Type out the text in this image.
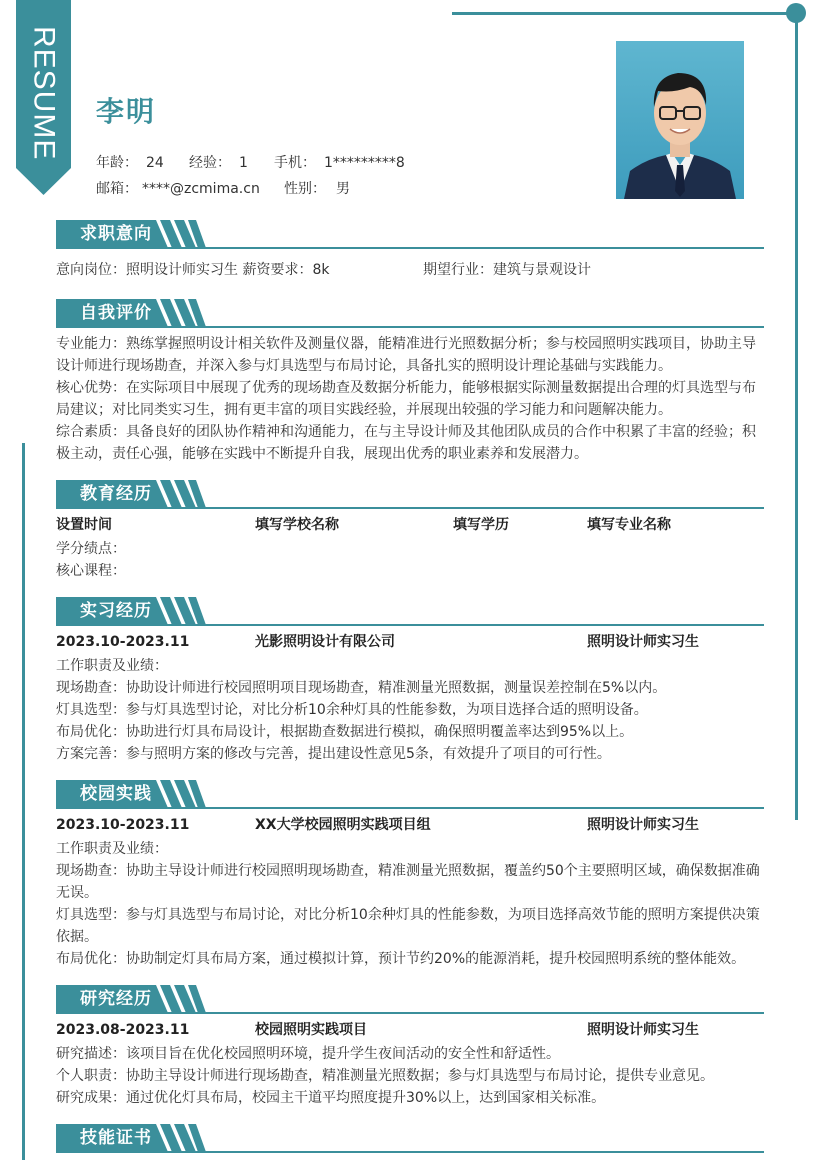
RESUME	李明
年龄： 24 经验： 1 手机： 1*********8
邮箱： ****@zcmima.cn 性别： 男
求职意向
意向岗位：照明设计师实习生 薪资要求：8k	期望行业：建筑与景观设计
自我评价
专业能力：熟练掌握照明设计相关软件及测量仪器，能精准进行光照数据分析；参与校园照明实践项目，协助主导
设计师进行现场勘查，并深入参与灯具选型与布局讨论，具备扎实的照明设计理论基础与实践能力。
核心优势：在实际项目中展现了优秀的现场勘查及数据分析能力，能够根据实际测量数据提出合理的灯具选型与布
局建议；对比同类实习生，拥有更丰富的项目实践经验，并展现出较强的学习能力和问题解决能力。
综合素质：具备良好的团队协作精神和沟通能力，在与主导设计师及其他团队成员的合作中积累了丰富的经验；积
极主动，责任心强，能够在实践中不断提升自我，展现出优秀的职业素养和发展潜力。
教育经历
设置时间	填写学校名称	填写学历	填写专业名称
学分绩点：
核心课程：
实习经历
2023.10-2023.11	光影照明设计有限公司	照明设计师实习生
工作职责及业绩：
现场勘查：协助设计师进行校园照明项目现场勘查，精准测量光照数据，测量误差控制在5%以内。
灯具选型：参与灯具选型讨论，对比分析10余种灯具的性能参数，为项目选择合适的照明设备。
布局优化：协助进行灯具布局设计，根据勘查数据进行模拟，确保照明覆盖率达到95%以上。
方案完善：参与照明方案的修改与完善，提出建设性意见5条，有效提升了项目的可行性。
校园实践
2023.10-2023.11	XX大学校园照明实践项目组	照明设计师实习生
工作职责及业绩：
现场勘查：协助主导设计师进行校园照明现场勘查，精准测量光照数据，覆盖约50个主要照明区域，确保数据准确
无误。
灯具选型：参与灯具选型与布局讨论，对比分析10余种灯具的性能参数，为项目选择高效节能的照明方案提供决策
依据。
布局优化：协助制定灯具布局方案，通过模拟计算，预计节约20%的能源消耗，提升校园照明系统的整体能效。
研究经历
2023.08-2023.11	校园照明实践项目	照明设计师实习生
研究描述：该项目旨在优化校园照明环境，提升学生夜间活动的安全性和舒适性。
个人职责：协助主导设计师进行现场勘查，精准测量光照数据；参与灯具选型与布局讨论，提供专业意见。
研究成果：通过优化灯具布局，校园主干道平均照度提升30%以上，达到国家相关标准。
技能证书
